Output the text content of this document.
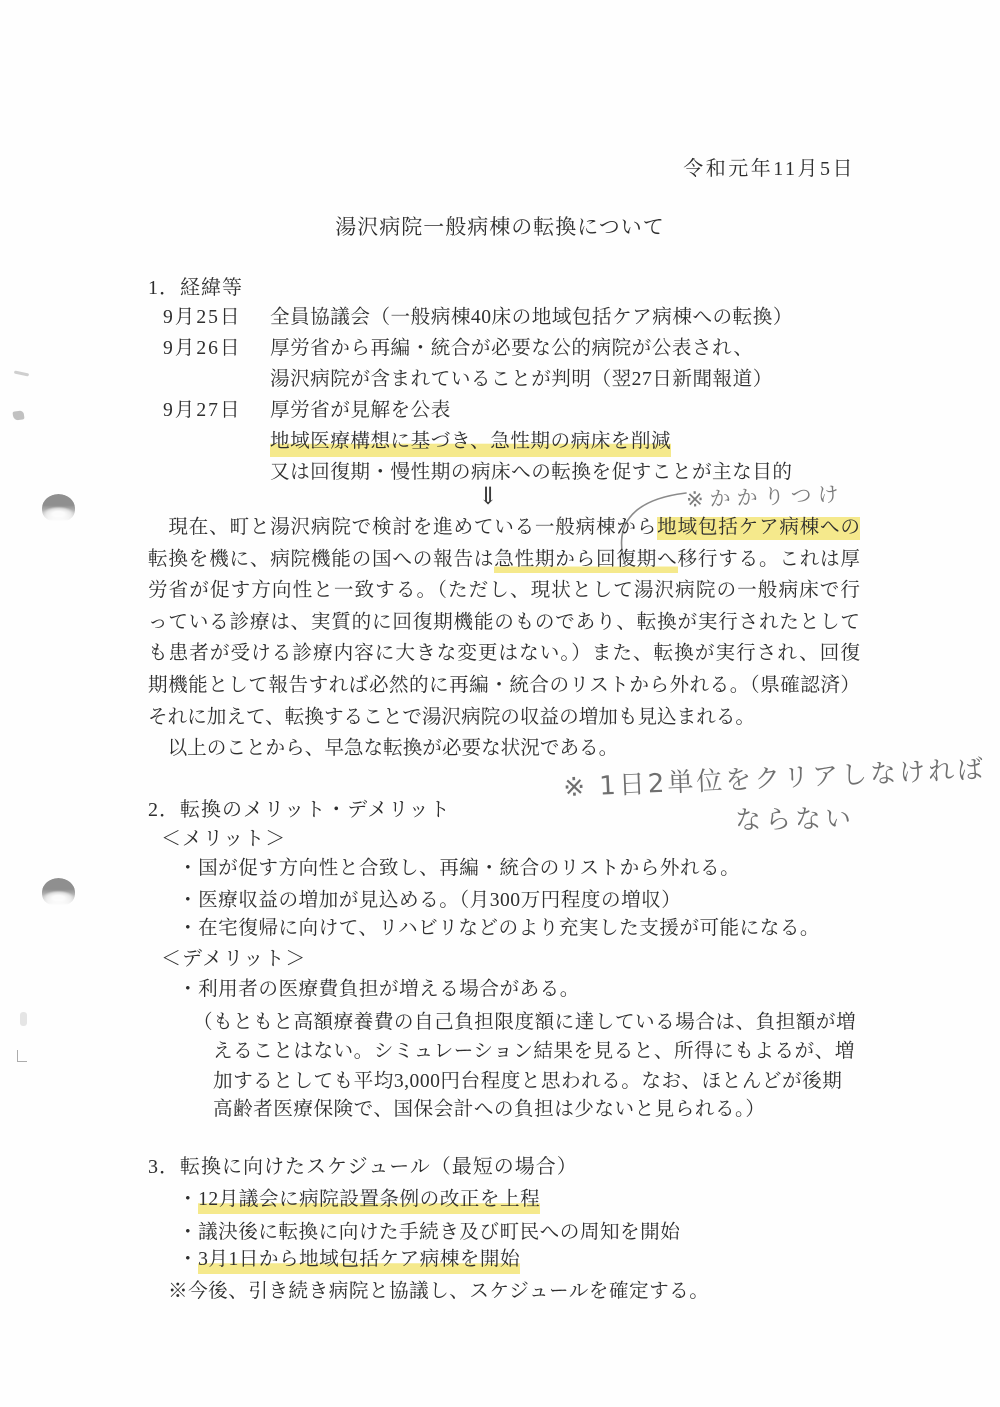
令和元年11月5日
湯沢病院一般病棟の転換について
1．経緯等
9月25日	全員協議会（一般病棟40床の地域包括ケア病棟への転換）
9月26日	厚労省から再編・統合が必要な公的病院が公表され、
湯沢病院が含まれていることが判明（翌27日新聞報道）
9月27日	厚労省が見解を公表
地域医療構想に基づき、急性期の病床を削減
又は回復期・慢性期の病床への転換を促すことが主な目的
⇓	※かかりつけ
　現在、町と湯沢病院で検討を進めている一般病棟から地域包括ケア病棟への
転換を機に、病院機能の国への報告は急性期から回復期へ移行する。これは厚
労省が促す方向性と一致する。（ただし、現状として湯沢病院の一般病床で行
っている診療は、実質的に回復期機能のものであり、転換が実行されたとして
も患者が受ける診療内容に大きな変更はない。）また、転換が実行され、回復
期機能として報告すれば必然的に再編・統合のリストから外れる。（県確認済）
それに加えて、転換することで湯沢病院の収益の増加も見込まれる。
　以上のことから、早急な転換が必要な状況である。
※ 1日2単位をクリアしなければ
ならない
2．転換のメリット・デメリット
＜メリット＞
・国が促す方向性と合致し、再編・統合のリストから外れる。
・医療収益の増加が見込める。（月300万円程度の増収）
・在宅復帰に向けて、リハビリなどのより充実した支援が可能になる。
＜デメリット＞
・利用者の医療費負担が増える場合がある。
（もともと高額療養費の自己負担限度額に達している場合は、負担額が増
えることはない。シミュレーション結果を見ると、所得にもよるが、増
加するとしても平均3,000円台程度と思われる。なお、ほとんどが後期
高齢者医療保険で、国保会計への負担は少ないと見られる。）
3．転換に向けたスケジュール（最短の場合）
・12月議会に病院設置条例の改正を上程
・議決後に転換に向けた手続き及び町民への周知を開始
・3月1日から地域包括ケア病棟を開始
※今後、引き続き病院と協議し、スケジュールを確定する。
